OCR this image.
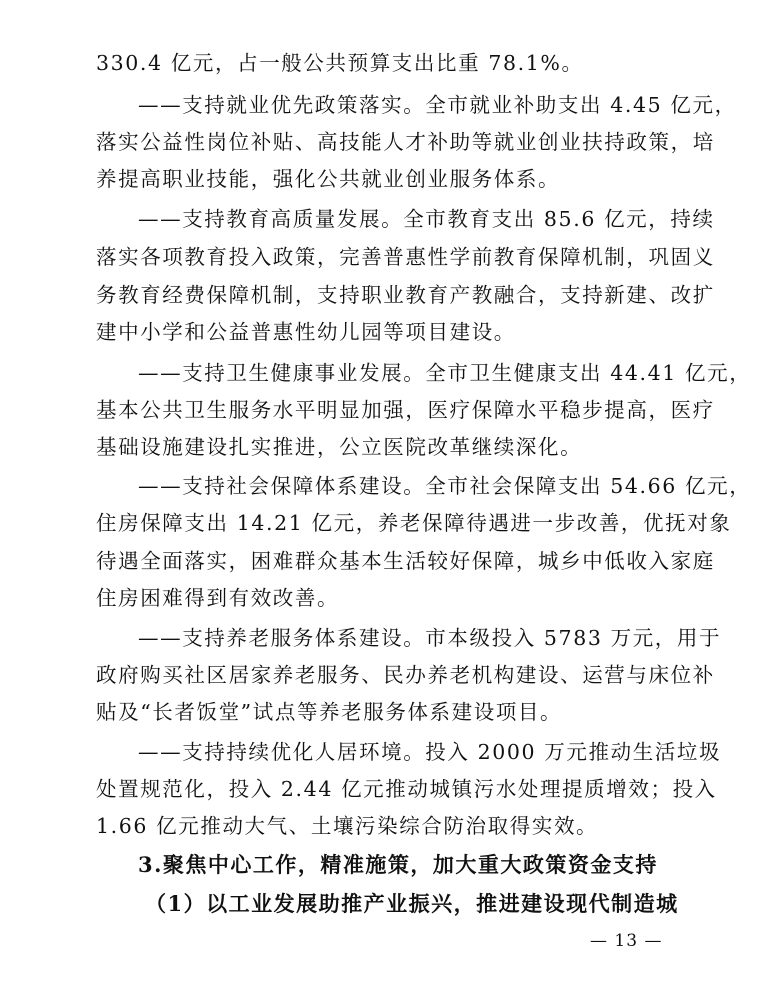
330.4 亿元，占一般公共预算支出比重 78.1%。
——支持就业优先政策落实。全市就业补助支出 4.45 亿元，
落实公益性岗位补贴、高技能人才补助等就业创业扶持政策，培
养提高职业技能，强化公共就业创业服务体系。
——支持教育高质量发展。全市教育支出 85.6 亿元，持续
落实各项教育投入政策，完善普惠性学前教育保障机制，巩固义
务教育经费保障机制，支持职业教育产教融合，支持新建、改扩
建中小学和公益普惠性幼儿园等项目建设。
——支持卫生健康事业发展。全市卫生健康支出 44.41 亿元，
基本公共卫生服务水平明显加强，医疗保障水平稳步提高，医疗
基础设施建设扎实推进，公立医院改革继续深化。
——支持社会保障体系建设。全市社会保障支出 54.66 亿元，
住房保障支出 14.21 亿元，养老保障待遇进一步改善，优抚对象
待遇全面落实，困难群众基本生活较好保障，城乡中低收入家庭
住房困难得到有效改善。
——支持养老服务体系建设。市本级投入 5783 万元，用于
政府购买社区居家养老服务、民办养老机构建设、运营与床位补
贴及“长者饭堂”试点等养老服务体系建设项目。
——支持持续优化人居环境。投入 2000 万元推动生活垃圾
处置规范化，投入 2.44 亿元推动城镇污水处理提质增效；投入
1.66 亿元推动大气、土壤污染综合防治取得实效。
3.聚焦中心工作，精准施策，加大重大政策资金支持
（1）以工业发展助推产业振兴，推进建设现代制造城
— 13 —
